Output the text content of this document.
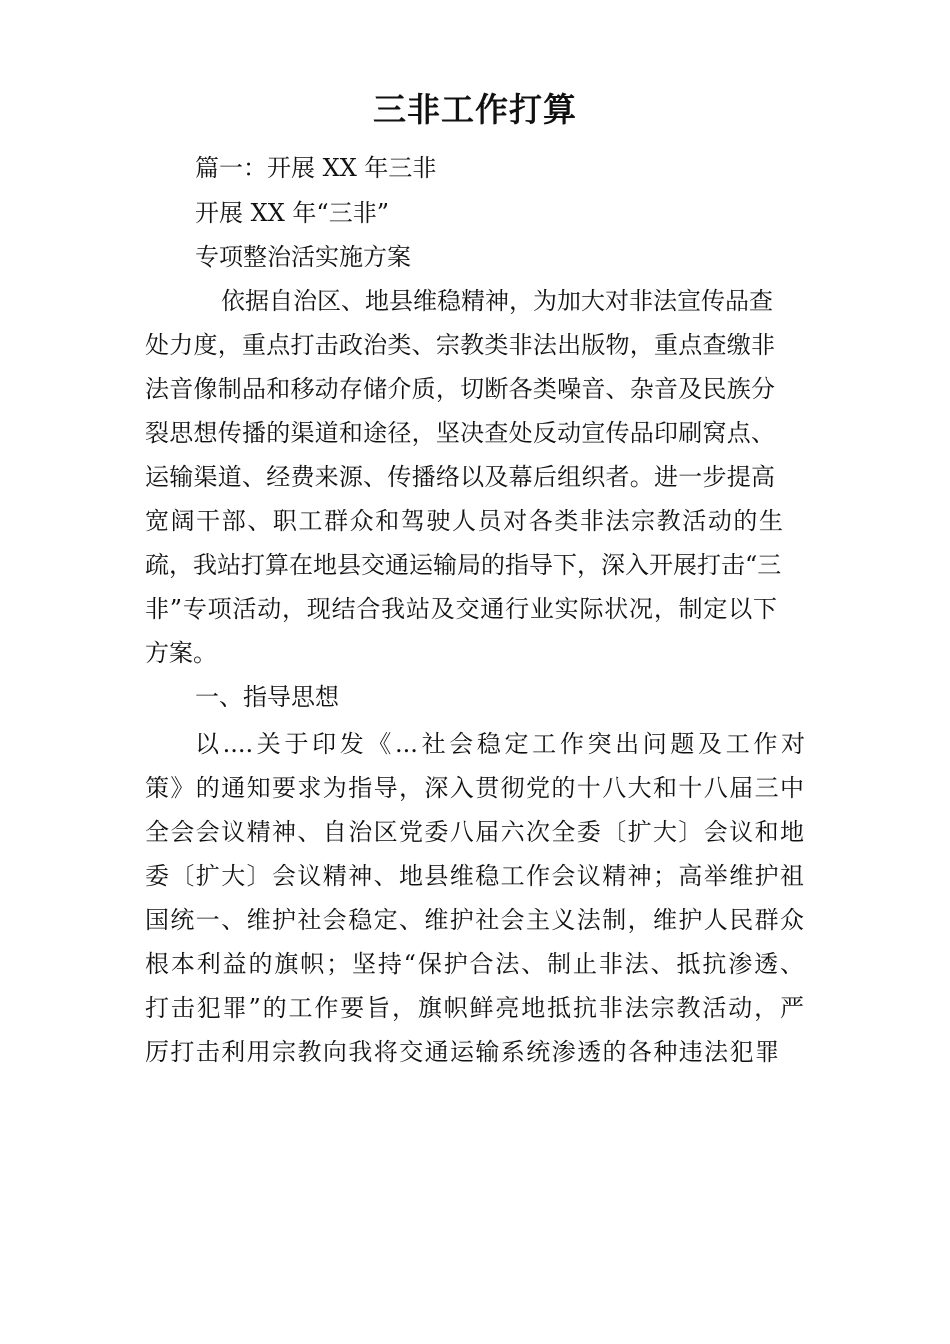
三非工作打算
篇一：开展 XX 年三非
开展 XX 年“三非”
专项整治活实施方案
依据自治区、地县维稳精神，为加大对非法宣传品查
处力度，重点打击政治类、宗教类非法出版物，重点查缴非
法音像制品和移动存储介质，切断各类噪音、杂音及民族分
裂思想传播的渠道和途径，坚决查处反动宣传品印刷窝点、
运输渠道、经费来源、传播络以及幕后组织者。进一步提高
宽阔干部、职工群众和驾驶人员对各类非法宗教活动的生
疏，我站打算在地县交通运输局的指导下，深入开展打击“三
非”专项活动，现结合我站及交通行业实际状况，制定以下
方案。
一、指导思想
以....关于印发《...社会稳定工作突出问题及工作对
策》的通知要求为指导，深入贯彻党的十八大和十八届三中
全会会议精神、自治区党委八届六次全委〔扩大〕会议和地
委〔扩大〕会议精神、地县维稳工作会议精神；高举维护祖
国统一、维护社会稳定、维护社会主义法制，维护人民群众
根本利益的旗帜；坚持“保护合法、制止非法、抵抗渗透、
打击犯罪”的工作要旨，旗帜鲜亮地抵抗非法宗教活动，严
厉打击利用宗教向我将交通运输系统渗透的各种违法犯罪
